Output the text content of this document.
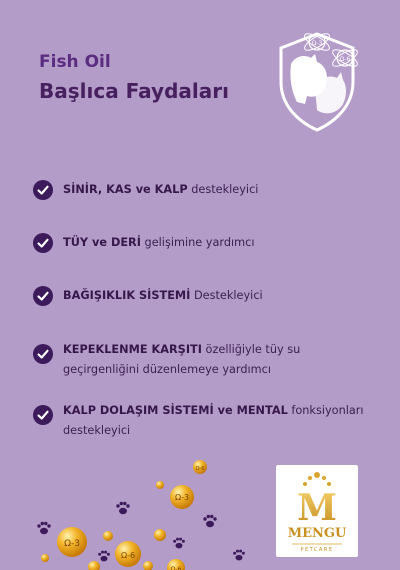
Fish Oil
Başlıca Faydaları
Ω-3
Ω-6
SİNİR, KAS ve KALP destekleyici
TÜY ve DERİ gelişimine yardımcı
BAĞIŞIKLIK SİSTEMİ Destekleyici
KEPEKLENME KARŞITI özelliğiyle tüy su geçirgenliğini düzenlemeye yardımcı
KALP DOLAŞIM SİSTEMİ ve MENTAL fonksiyonları destekleyici
Ω-6
Ω-3
Ω-3
Ω-6
Ω-6
M
MENGU
PETCARE
